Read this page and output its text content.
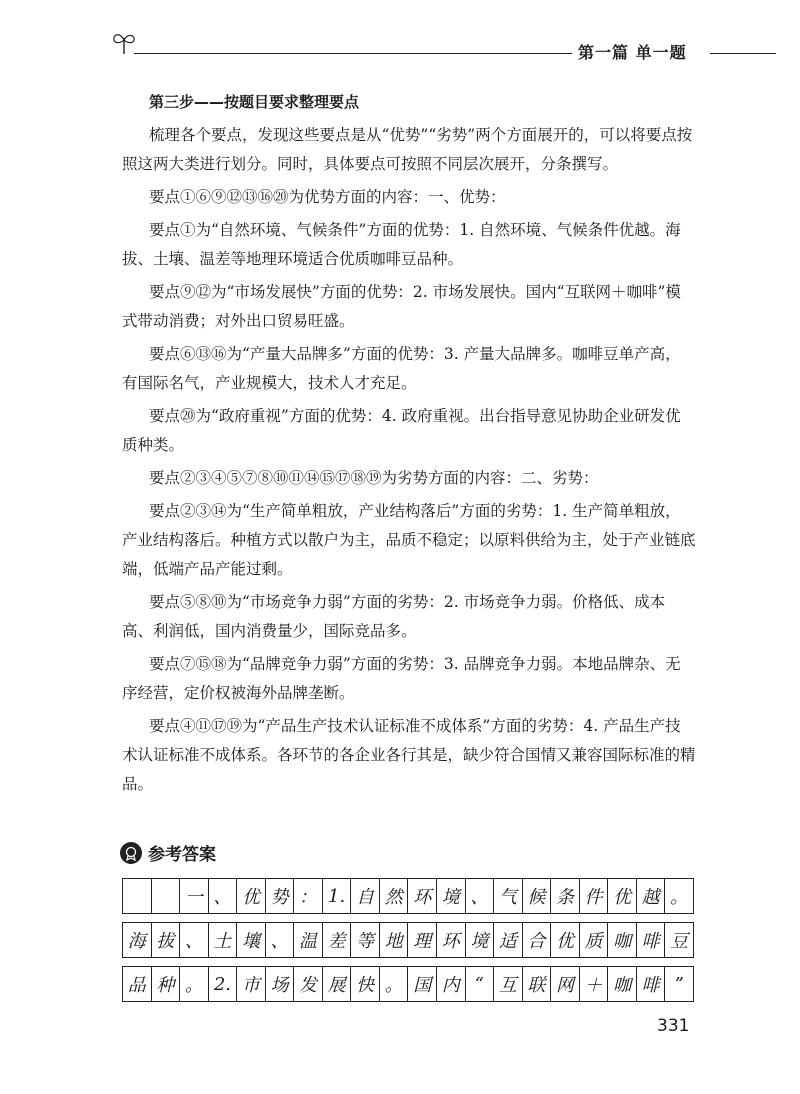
第一篇 单一题

第三步——按题目要求整理要点

梳理各个要点，发现这些要点是从“优势”“劣势”两个方面展开的，可以将要点按照这两大类进行划分。同时，具体要点可按照不同层次展开，分条撰写。

要点①⑥⑨⑫⑬⑯⑳为优势方面的内容：一、优势：

要点①为“自然环境、气候条件”方面的优势：1. 自然环境、气候条件优越。海拔、土壤、温差等地理环境适合优质咖啡豆品种。

要点⑨⑫为“市场发展快”方面的优势：2. 市场发展快。国内“互联网＋咖啡”模式带动消费；对外出口贸易旺盛。

要点⑥⑬⑯为“产量大品牌多”方面的优势：3. 产量大品牌多。咖啡豆单产高，有国际名气，产业规模大，技术人才充足。

要点⑳为“政府重视”方面的优势：4. 政府重视。出台指导意见协助企业研发优质种类。

要点②③④⑤⑦⑧⑩⑪⑭⑮⑰⑱⑲为劣势方面的内容：二、劣势：

要点②③⑭为“生产简单粗放，产业结构落后”方面的劣势：1. 生产简单粗放，产业结构落后。种植方式以散户为主，品质不稳定；以原料供给为主，处于产业链底端，低端产品产能过剩。

要点⑤⑧⑩为“市场竞争力弱”方面的劣势：2. 市场竞争力弱。价格低、成本高、利润低，国内消费量少，国际竞品多。

要点⑦⑮⑱为“品牌竞争力弱”方面的劣势：3. 品牌竞争力弱。本地品牌杂、无序经营，定价权被海外品牌垄断。

要点④⑪⑰⑲为“产品生产技术认证标准不成体系”方面的劣势：4. 产品生产技术认证标准不成体系。各环节的各企业各行其是，缺少符合国情又兼容国际标准的精品。

参考答案
一 、 优 势 ： 1. 自 然 环 境 、 气 候 条 件 优 越 。
海 拔 、 土 壤 、 温 差 等 地 理 环 境 适 合 优 质 咖 啡 豆
品 种 。 2. 市 场 发 展 快 。 国 内 “ 互 联 网 ＋ 咖 啡 ”
331
